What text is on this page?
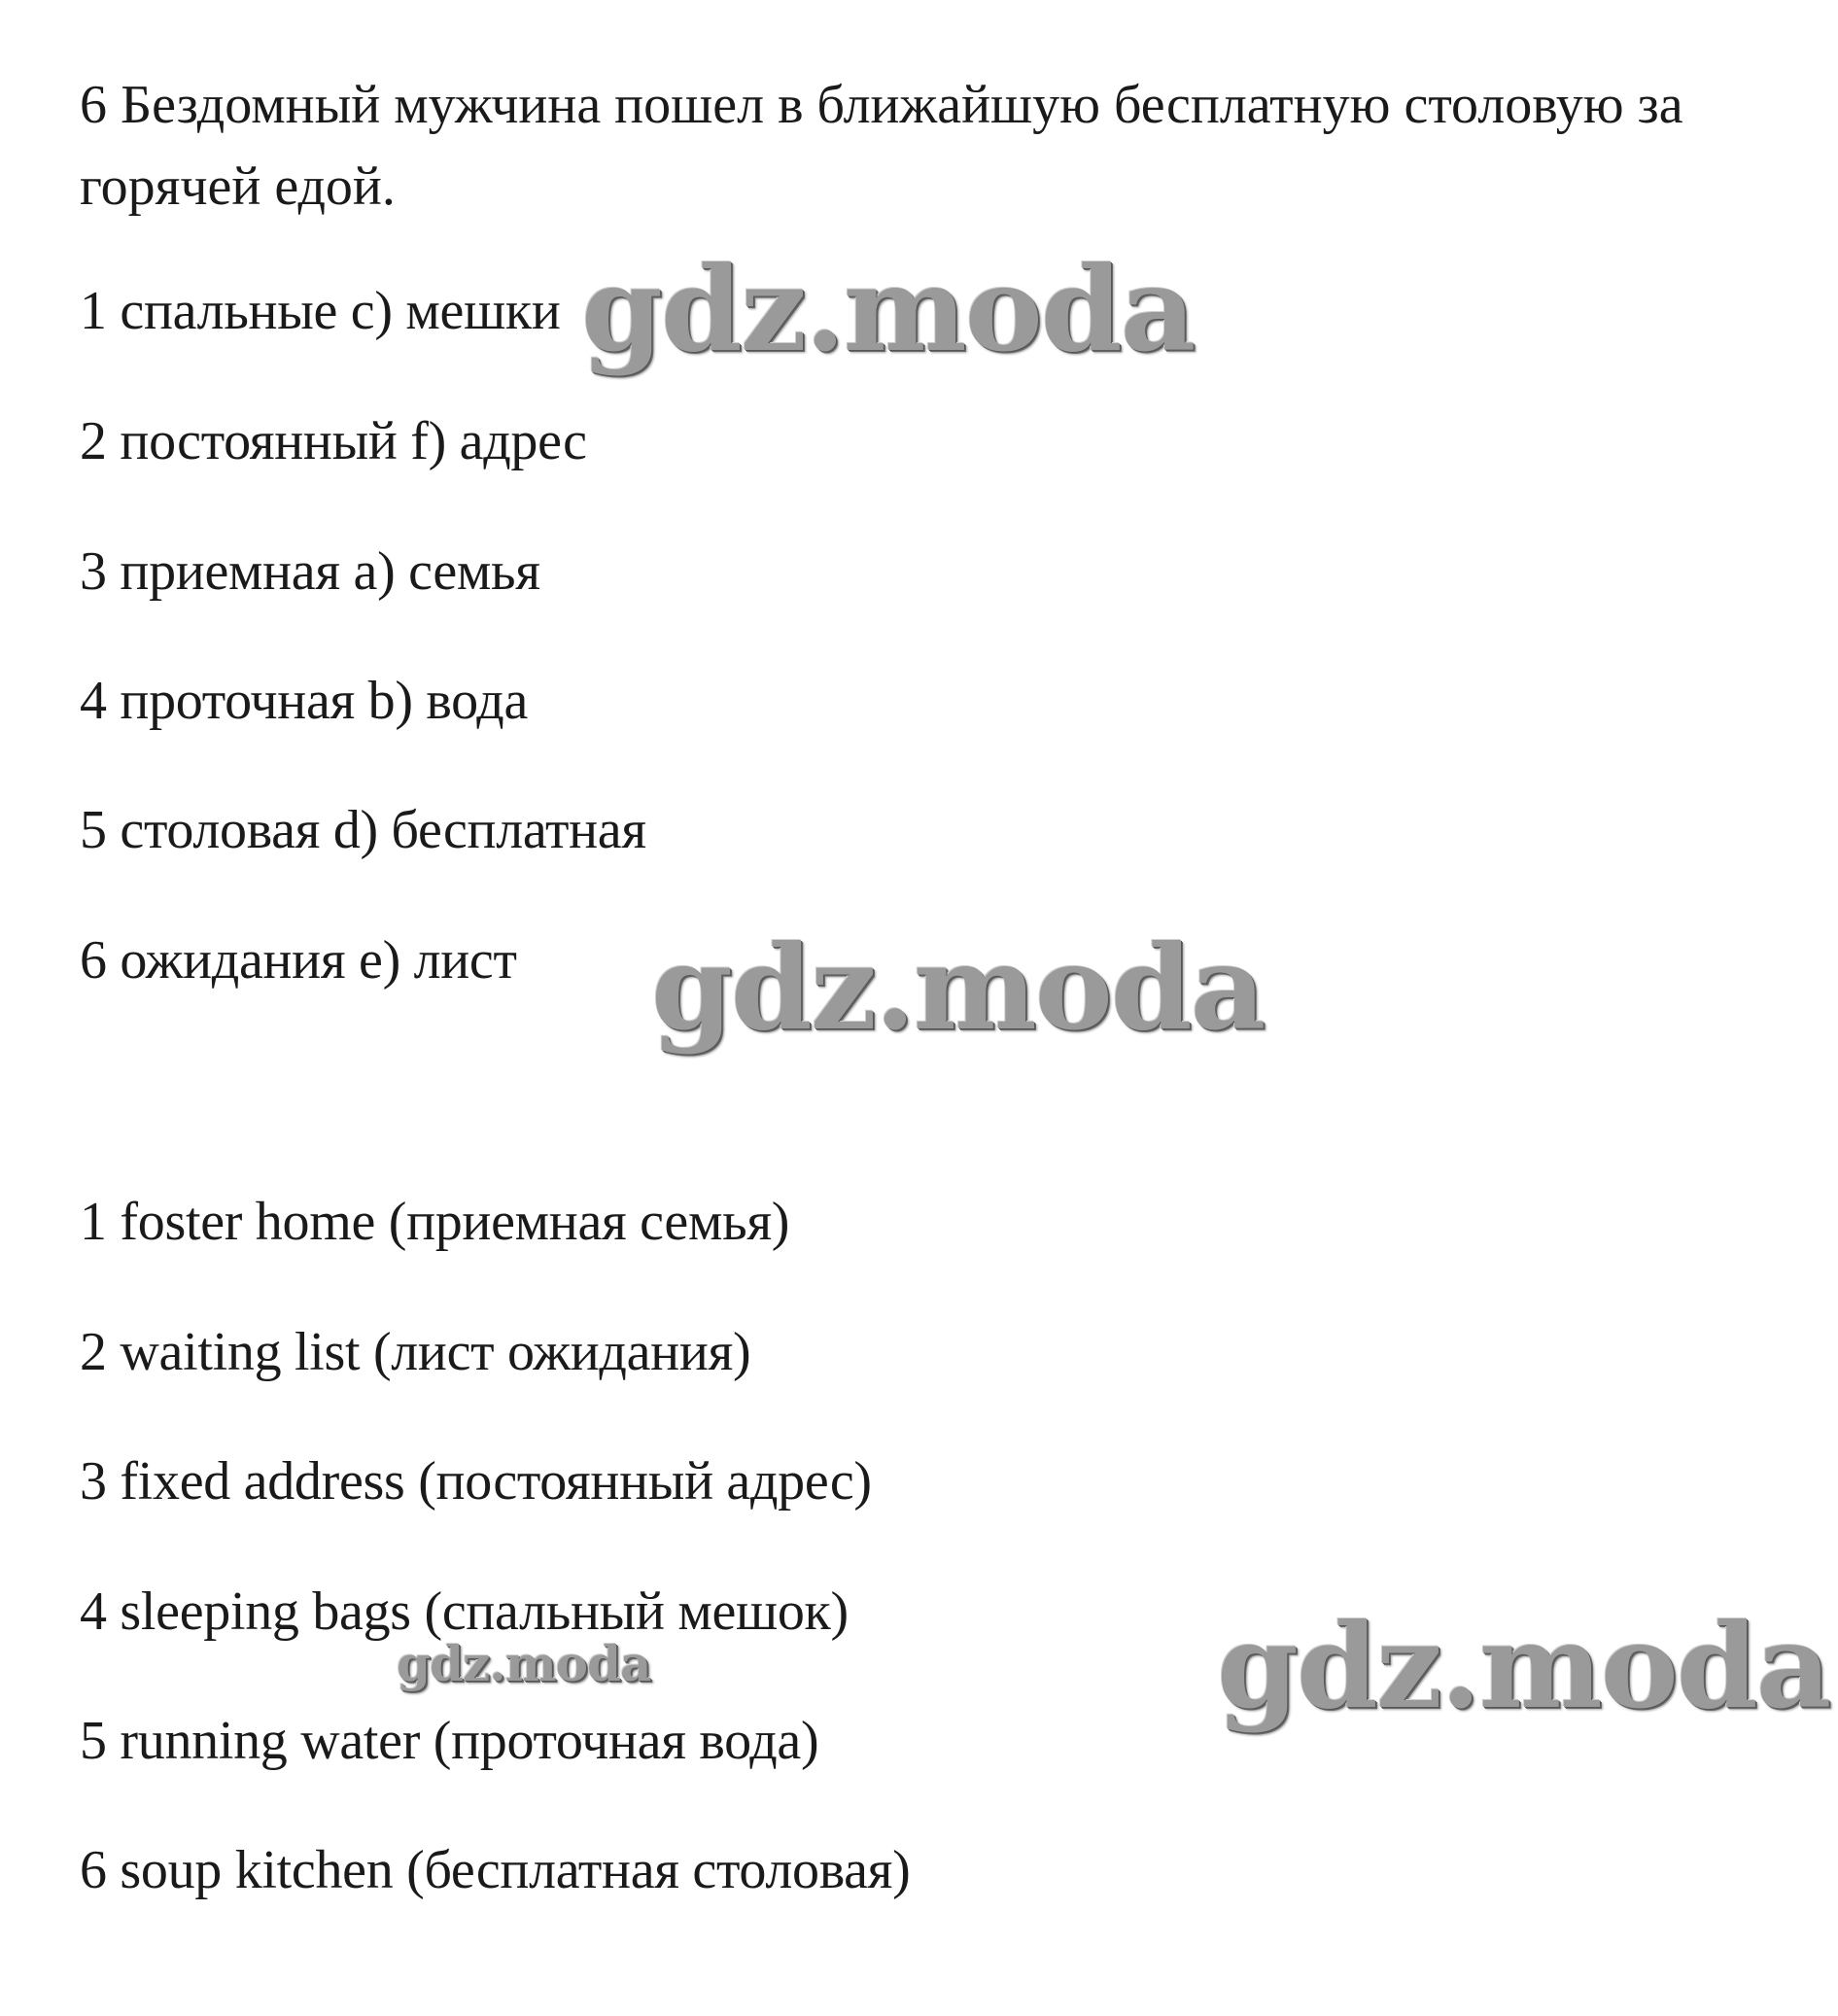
6 Бездомный мужчина пошел в ближайшую бесплатную столовую за горячей едой.
1 спальные c) мешки
2 постоянный f) адрес
3 приемная a) семья
4 проточная b) вода
5 столовая d) бесплатная
6 ожидания e) лист
1 foster home (приемная семья)
2 waiting list (лист ожидания)
3 fixed address (постоянный адрес)
4 sleeping bags (спальный мешок)
5 running water (проточная вода)
6 soup kitchen (бесплатная столовая)
gdz.moda
gdz.moda
gdz.moda	gdz.moda
